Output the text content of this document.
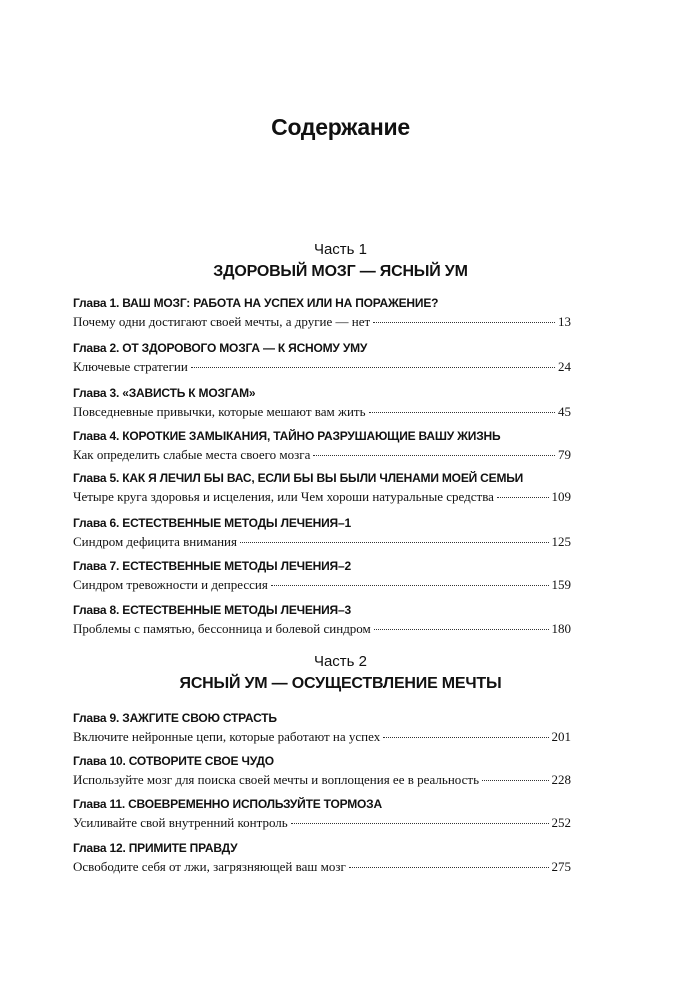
Содержание
Часть 1
ЗДОРОВЫЙ МОЗГ — ЯСНЫЙ УМ
Глава 1. ВАШ МОЗГ: РАБОТА НА УСПЕХ ИЛИ НА ПОРАЖЕНИЕ?
Почему одни достигают своей мечты, а другие — нет	13
Глава 2. ОТ ЗДОРОВОГО МОЗГА — К ЯСНОМУ УМУ
Ключевые стратегии	24
Глава 3. «ЗАВИСТЬ К МОЗГАМ»
Повседневные привычки, которые мешают вам жить	45
Глава 4. КОРОТКИЕ ЗАМЫКАНИЯ, ТАЙНО РАЗРУШАЮЩИЕ ВАШУ ЖИЗНЬ
Как определить слабые места своего мозга	79
Глава 5. КАК Я ЛЕЧИЛ БЫ ВАС, ЕСЛИ БЫ ВЫ БЫЛИ ЧЛЕНАМИ МОЕЙ СЕМЬИ
Четыре круга здоровья и исцеления, или Чем хороши натуральные средства	109
Глава 6. ЕСТЕСТВЕННЫЕ МЕТОДЫ ЛЕЧЕНИЯ–1
Синдром дефицита внимания	125
Глава 7. ЕСТЕСТВЕННЫЕ МЕТОДЫ ЛЕЧЕНИЯ–2
Синдром тревожности и депрессия	159
Глава 8. ЕСТЕСТВЕННЫЕ МЕТОДЫ ЛЕЧЕНИЯ–3
Проблемы с памятью, бессонница и болевой синдром	180
Часть 2
ЯСНЫЙ УМ — ОСУЩЕСТВЛЕНИЕ МЕЧТЫ
Глава 9. ЗАЖГИТЕ СВОЮ СТРАСТЬ
Включите нейронные цепи, которые работают на успех	201
Глава 10. СОТВОРИТЕ СВОЕ ЧУДО
Используйте мозг для поиска своей мечты и воплощения ее в реальность	228
Глава 11. СВОЕВРЕМЕННО ИСПОЛЬЗУЙТЕ ТОРМОЗА
Усиливайте свой внутренний контроль	252
Глава 12. ПРИМИТЕ ПРАВДУ
Освободите себя от лжи, загрязняющей ваш мозг	275
